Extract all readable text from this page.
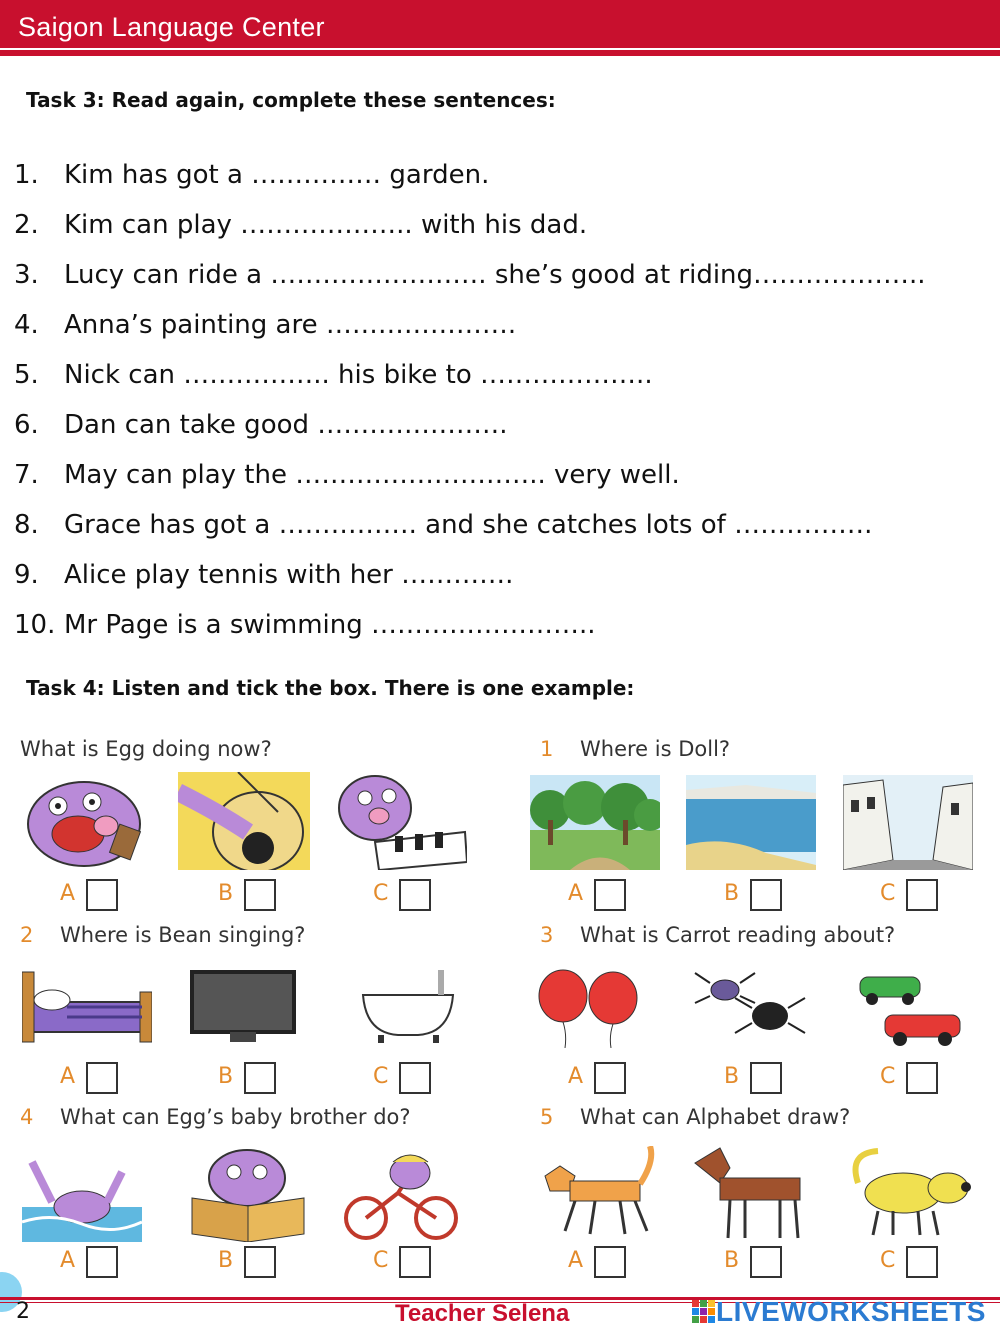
Saigon Language Center
Task 3: Read again, complete these sentences:
1. Kim has got a …………… garden.
2. Kim can play ……………….. with his dad.
3. Lucy can ride a ……………………. she’s good at riding………………..
4. Anna’s painting are ………………….
5. Nick can …………….. his bike to ………………..
6. Dan can take good ………………….
7. May can play the ……………………….. very well.
8. Grace has got a ……………. and she catches lots of …………….
9. Alice play tennis with her ………….
10. Mr Page is a swimming ……………………..
Task 4: Listen and tick the box. There is one example:
What is Egg doing now?	1 Where is Doll?
2 Where is Bean singing?	3 What is Carrot reading about?
4 What can Egg’s baby brother do?	5 What can Alphabet draw?
A	B	C	A	B	C
A	B	C	A	B	C
A	B	C	A	B	C
2	Teacher Selena	LIVEWORKSHEETS
